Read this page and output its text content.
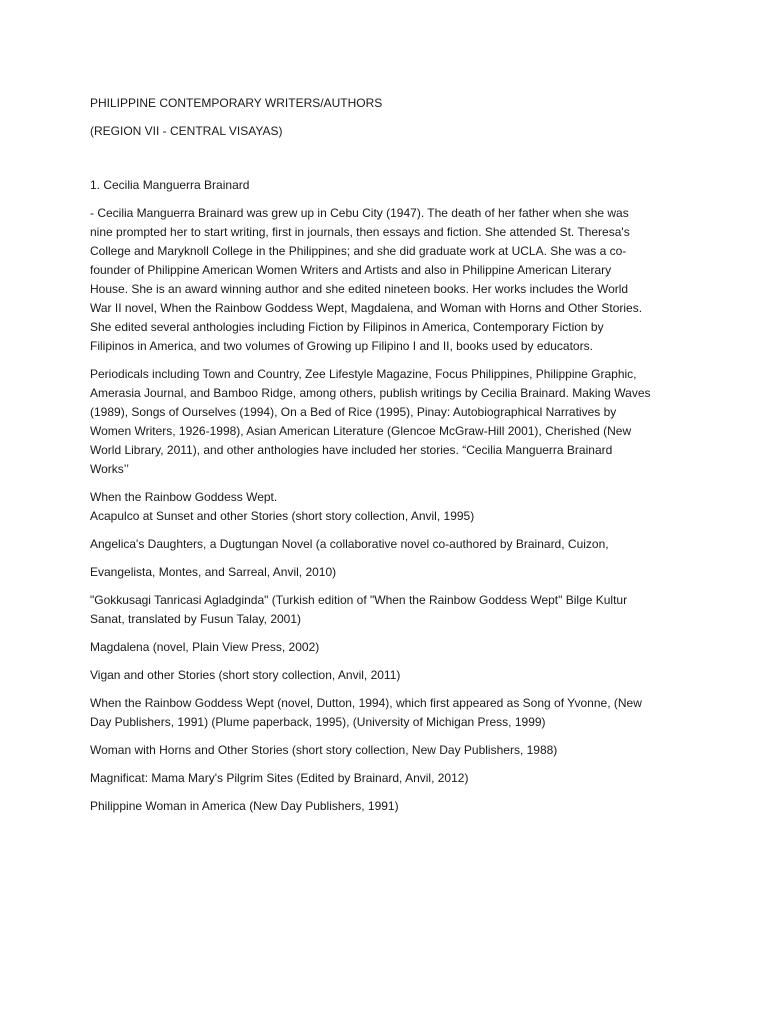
PHILIPPINE CONTEMPORARY WRITERS/AUTHORS
(REGION VII - CENTRAL VISAYAS)
1. Cecilia Manguerra Brainard
- Cecilia Manguerra Brainard was grew up in Cebu City (1947). The death of her father when she was
nine prompted her to start writing, first in journals, then essays and fiction. She attended St. Theresa's
College and Maryknoll College in the Philippines; and she did graduate work at UCLA. She was a co-
founder of Philippine American Women Writers and Artists and also in Philippine American Literary
House. She is an award winning author and she edited nineteen books. Her works includes the World
War II novel, When the Rainbow Goddess Wept, Magdalena, and Woman with Horns and Other Stories.
She edited several anthologies including Fiction by Filipinos in America, Contemporary Fiction by
Filipinos in America, and two volumes of Growing up Filipino I and II, books used by educators.
Periodicals including Town and Country, Zee Lifestyle Magazine, Focus Philippines, Philippine Graphic,
Amerasia Journal, and Bamboo Ridge, among others, publish writings by Cecilia Brainard. Making Waves
(1989), Songs of Ourselves (1994), On a Bed of Rice (1995), Pinay: Autobiographical Narratives by
Women Writers, 1926-1998), Asian American Literature (Glencoe McGraw-Hill 2001), Cherished (New
World Library, 2011), and other anthologies have included her stories. “Cecilia Manguerra Brainard
Works’’
When the Rainbow Goddess Wept.
Acapulco at Sunset and other Stories (short story collection, Anvil, 1995)
Angelica's Daughters, a Dugtungan Novel (a collaborative novel co-authored by Brainard, Cuizon,
Evangelista, Montes, and Sarreal, Anvil, 2010)
"Gokkusagi Tanricasi Agladginda" (Turkish edition of "When the Rainbow Goddess Wept" Bilge Kultur
Sanat, translated by Fusun Talay, 2001)
Magdalena (novel, Plain View Press, 2002)
Vigan and other Stories (short story collection, Anvil, 2011)
When the Rainbow Goddess Wept (novel, Dutton, 1994), which first appeared as Song of Yvonne, (New
Day Publishers, 1991) (Plume paperback, 1995), (University of Michigan Press, 1999)
Woman with Horns and Other Stories (short story collection, New Day Publishers, 1988)
Magnificat: Mama Mary's Pilgrim Sites (Edited by Brainard, Anvil, 2012)
Philippine Woman in America (New Day Publishers, 1991)
